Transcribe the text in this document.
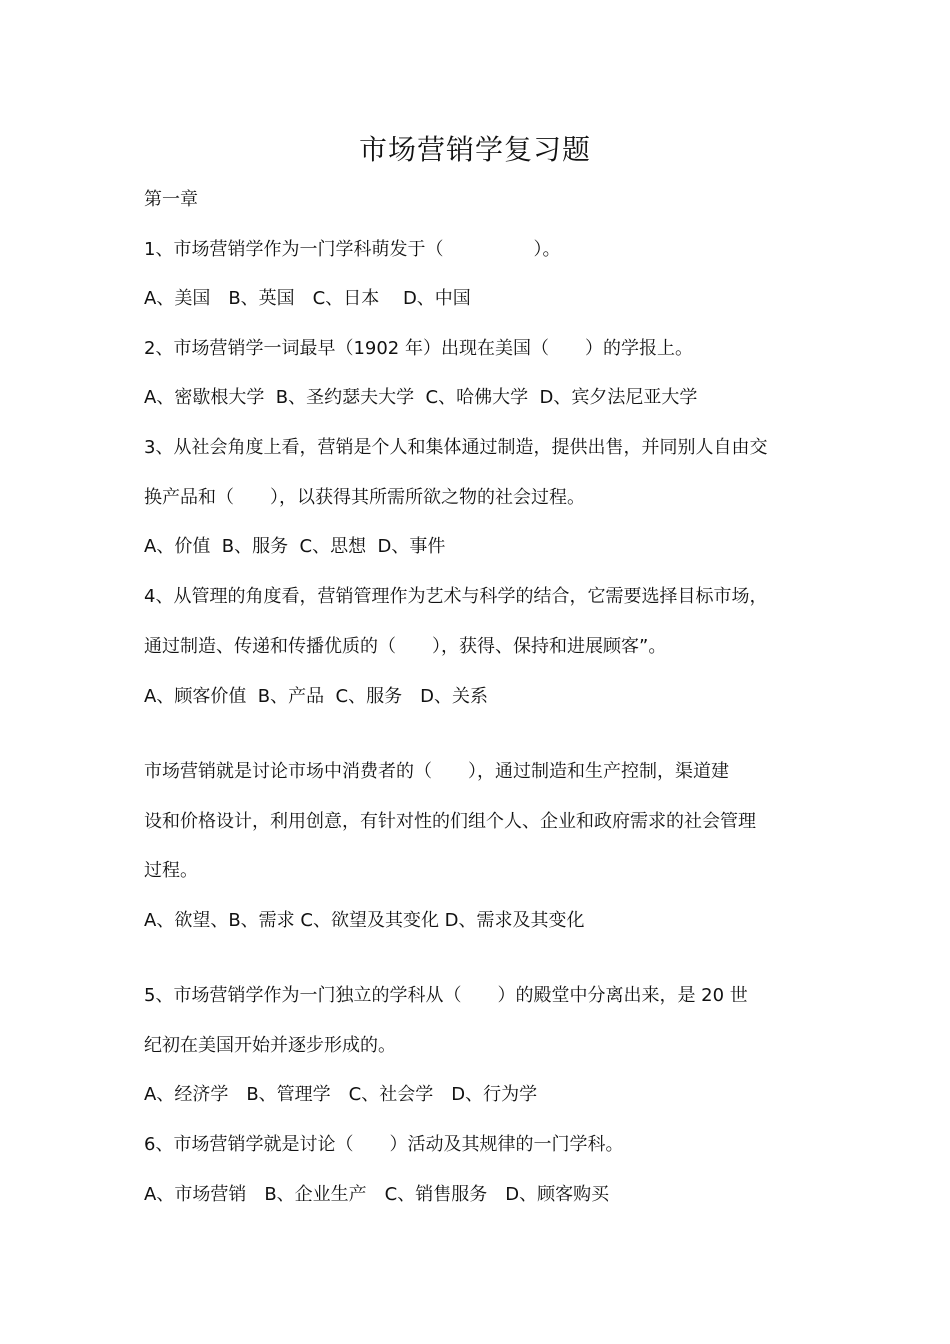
市场营销学复习题
第一章
1、市场营销学作为一门学科萌发于（　　　　　）。
A、美国　B、英国　C、日本　 D、中国
2、市场营销学一词最早（1902 年）出现在美国（　　）的学报上。
A、密歇根大学  B、圣约瑟夫大学  C、哈佛大学  D、宾夕法尼亚大学
3、从社会角度上看，营销是个人和集体通过制造，提供出售，并同别人自由交
换产品和（　　），以获得其所需所欲之物的社会过程。
A、价值  B、服务  C、思想  D、事件
4、从管理的角度看，营销管理作为艺术与科学的结合，它需要选择目标市场，
通过制造、传递和传播优质的（　　），获得、保持和进展顾客”。
A、顾客价值  B、产品  C、服务　D、关系
市场营销就是讨论市场中消费者的（　　），通过制造和生产控制，渠道建
设和价格设计，利用创意，有针对性的们组个人、企业和政府需求的社会管理
过程。
A、欲望、B、需求 C、欲望及其变化 D、需求及其变化
5、市场营销学作为一门独立的学科从（　　）的殿堂中分离出来，是 20 世
纪初在美国开始并逐步形成的。
A、经济学　B、管理学　C、社会学　D、行为学
6、市场营销学就是讨论（　　）活动及其规律的一门学科。
A、市场营销　B、企业生产　C、销售服务　D、顾客购买
